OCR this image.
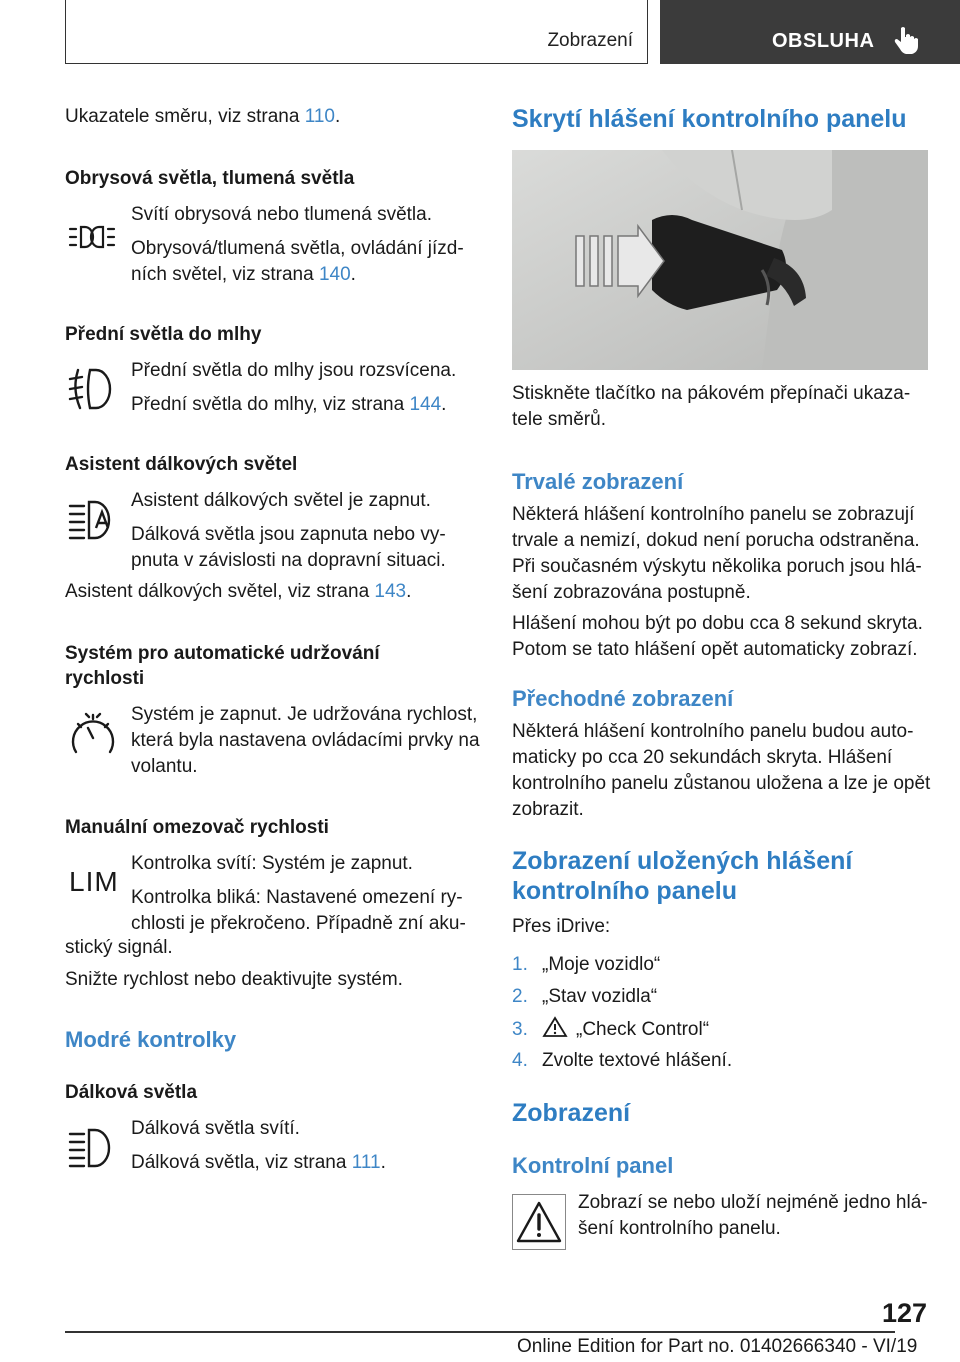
Zobrazení	OBSLUHA
Ukazatele směru, viz strana 110.
Obrysová světla, tlumená světla
Svítí obrysová nebo tlumená světla.
Obrysová/tlumená světla, ovládání jízd-
ních světel, viz strana 140.
Přední světla do mlhy
Přední světla do mlhy jsou rozsvícena.
Přední světla do mlhy, viz strana 144.
Asistent dálkových světel
Asistent dálkových světel je zapnut.
Dálková světla jsou zapnuta nebo vy-
pnuta v závislosti na dopravní situaci.
Asistent dálkových světel, viz strana 143.
Systém pro automatické udržování
rychlosti
Systém je zapnut. Je udržována rychlost,
která byla nastavena ovládacími prvky na
volantu.
Manuální omezovač rychlosti
LIM
Kontrolka svítí: Systém je zapnut.
Kontrolka bliká: Nastavené omezení ry-
chlosti je překročeno. Případně zní aku-
stický signál.
Snižte rychlost nebo deaktivujte systém.
Modré kontrolky
Dálková světla
Dálková světla svítí.
Dálková světla, viz strana 111.
Skrytí hlášení kontrolního panelu
Stiskněte tlačítko na pákovém přepínači ukaza-
tele směrů.
Trvalé zobrazení
Některá hlášení kontrolního panelu se zobrazují
trvale a nemizí, dokud není porucha odstraněna.
Při současném výskytu několika poruch jsou hlá-
šení zobrazována postupně.
Hlášení mohou být po dobu cca 8 sekund skryta.
Potom se tato hlášení opět automaticky zobrazí.
Přechodné zobrazení
Některá hlášení kontrolního panelu budou auto-
maticky po cca 20 sekundách skryta. Hlášení
kontrolního panelu zůstanou uložena a lze je opět
zobrazit.
Zobrazení uložených hlášení
kontrolního panelu
Přes iDrive:
1. „Moje vozidlo“
2. „Stav vozidla“
3.	„Check Control“
4. Zvolte textové hlášení.
Zobrazení
Kontrolní panel
Zobrazí se nebo uloží nejméně jedno hlá-
šení kontrolního panelu.
127
Online Edition for Part no. 01402666340 - VI/19
